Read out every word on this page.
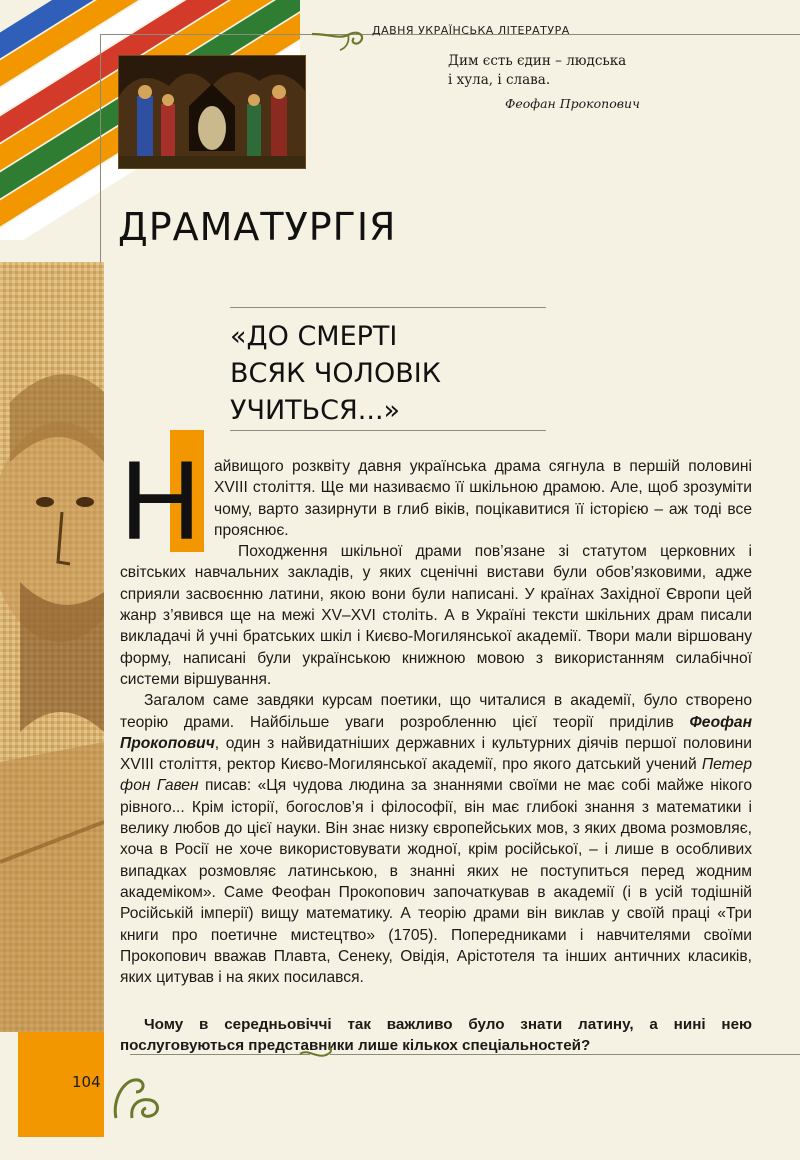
ДАВНЯ УКРАЇНСЬКА ЛІТЕРАТУРА
Дим єсть єдин – людська
і хула, і слава.
Феофан Прокопович
ДРАМАТУРГІЯ
104
«ДО СМЕРТІ
ВСЯК ЧОЛОВІК
УЧИТЬСЯ...»
Н айвищого розквіту давня українська драма сягнула в першій половині XVIII століття. Ще ми називаємо її шкільною драмою. Але, щоб зрозуміти чому, варто зазирнути в глиб віків, поцікавитися її історією – аж тоді все прояснює.

Походження шкільної драми пов’язане зі статутом церковних і світських навчальних закладів, у яких сценічні вистави були обов’язковими, адже сприяли засвоєнню латини, якою вони були написані. У країнах Західної Європи цей жанр з’явився ще на межі XV–XVI століть. А в Україні тексти шкільних драм писали викладачі й учні братських шкіл і Києво-Могилянської академії. Твори мали віршовану форму, написані були українською книжною мовою з використанням силабічної системи віршування.

Загалом саме завдяки курсам поетики, що читалися в академії, було створено теорію драми. Найбільше уваги розробленню цієї теорії приділив Феофан Прокопович, один з найвидатніших державних і культурних діячів першої половини XVIII століття, ректор Києво-Могилянської академії, про якого датський учений Петер фон Гавен писав: «Ця чудова людина за знаннями своїми не має собі майже нікого рівного... Крім історії, богослов’я і філософії, він має глибокі знання з математики і велику любов до цієї науки. Він знає низку європейських мов, з яких двома розмовляє, хоча в Росії не хоче використовувати жодної, крім російської, – і лише в особливих випадках розмовляє латинською, в знанні яких не поступиться перед жодним академіком». Саме Феофан Прокопович започаткував в академії (і в усій тодішній Російській імперії) вищу математику. А теорію драми він виклав у своїй праці «Три книги про поетичне мистецтво» (1705). Попередниками і навчителями своїми Прокопович вважав Плавта, Сенеку, Овідія, Арістотеля та інших античних класиків, яких цитував і на яких посилався.

Чому в середньовіччі так важливо було знати латину, а нині нею послуговуються представники лише кількох спеціальностей?
